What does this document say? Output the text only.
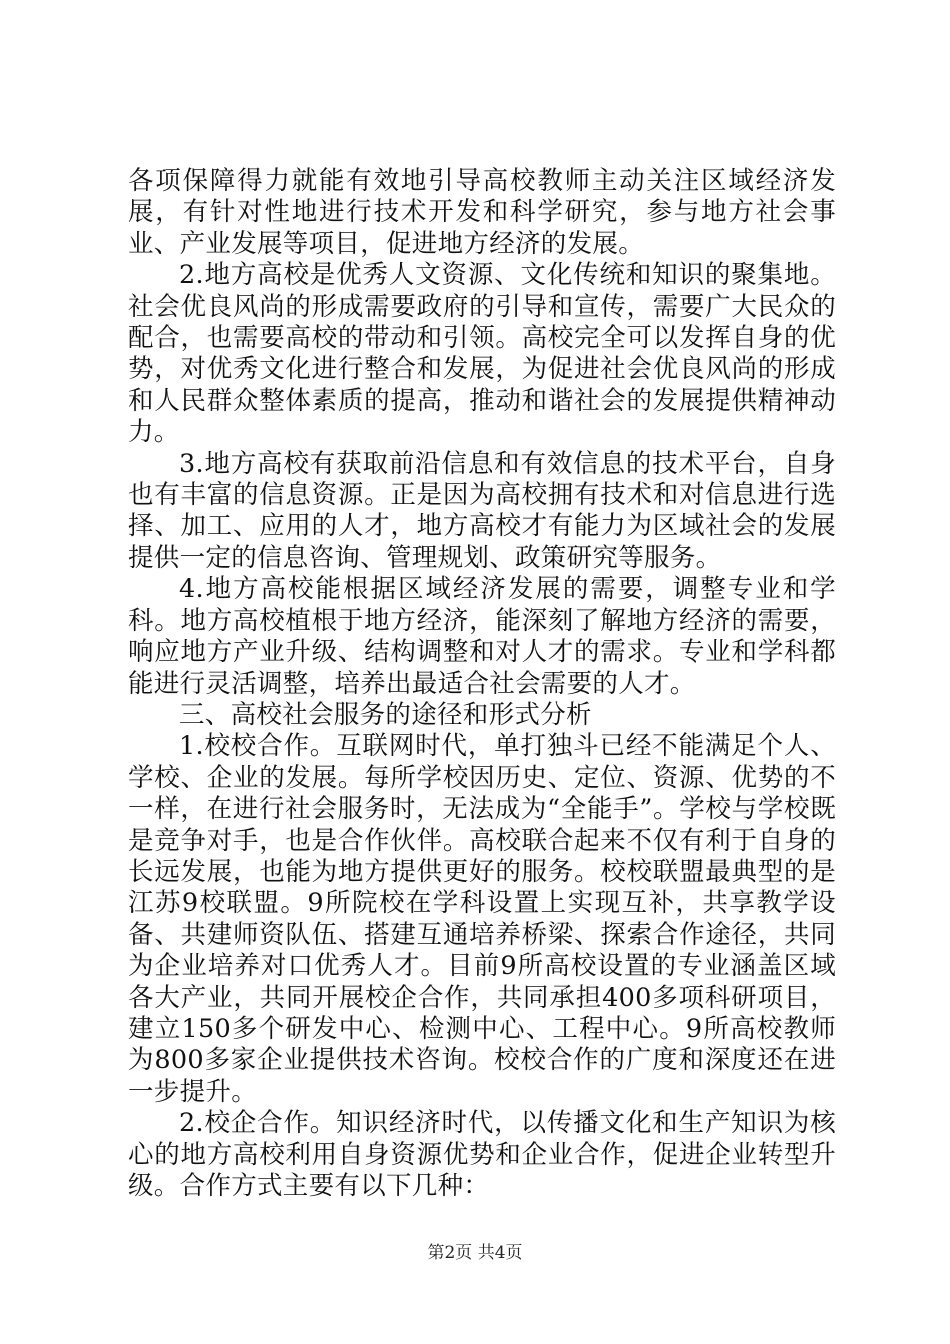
各项保障得力就能有效地引导高校教师主动关注区域经济发展，有针对性地进行技术开发和科学研究，参与地方社会事业、产业发展等项目，促进地方经济的发展。

2.地方高校是优秀人文资源、文化传统和知识的聚集地。社会优良风尚的形成需要政府的引导和宣传，需要广大民众的配合，也需要高校的带动和引领。高校完全可以发挥自身的优势，对优秀文化进行整合和发展，为促进社会优良风尚的形成和人民群众整体素质的提高，推动和谐社会的发展提供精神动力。

3.地方高校有获取前沿信息和有效信息的技术平台，自身也有丰富的信息资源。正是因为高校拥有技术和对信息进行选择、加工、应用的人才，地方高校才有能力为区域社会的发展提供一定的信息咨询、管理规划、政策研究等服务。

4.地方高校能根据区域经济发展的需要，调整专业和学科。地方高校植根于地方经济，能深刻了解地方经济的需要，响应地方产业升级、结构调整和对人才的需求。专业和学科都能进行灵活调整，培养出最适合社会需要的人才。

三、高校社会服务的途径和形式分析

1.校校合作。互联网时代，单打独斗已经不能满足个人、学校、企业的发展。每所学校因历史、定位、资源、优势的不一样，在进行社会服务时，无法成为“全能手”。学校与学校既是竞争对手，也是合作伙伴。高校联合起来不仅有利于自身的长远发展，也能为地方提供更好的服务。校校联盟最典型的是江苏9校联盟。9所院校在学科设置上实现互补，共享教学设备、共建师资队伍、搭建互通培养桥梁、探索合作途径，共同为企业培养对口优秀人才。目前9所高校设置的专业涵盖区域各大产业，共同开展校企合作，共同承担400多项科研项目，建立150多个研发中心、检测中心、工程中心。9所高校教师为800多家企业提供技术咨询。校校合作的广度和深度还在进一步提升。

2.校企合作。知识经济时代，以传播文化和生产知识为核心的地方高校利用自身资源优势和企业合作，促进企业转型升级。合作方式主要有以下几种：

第2页 共4页
